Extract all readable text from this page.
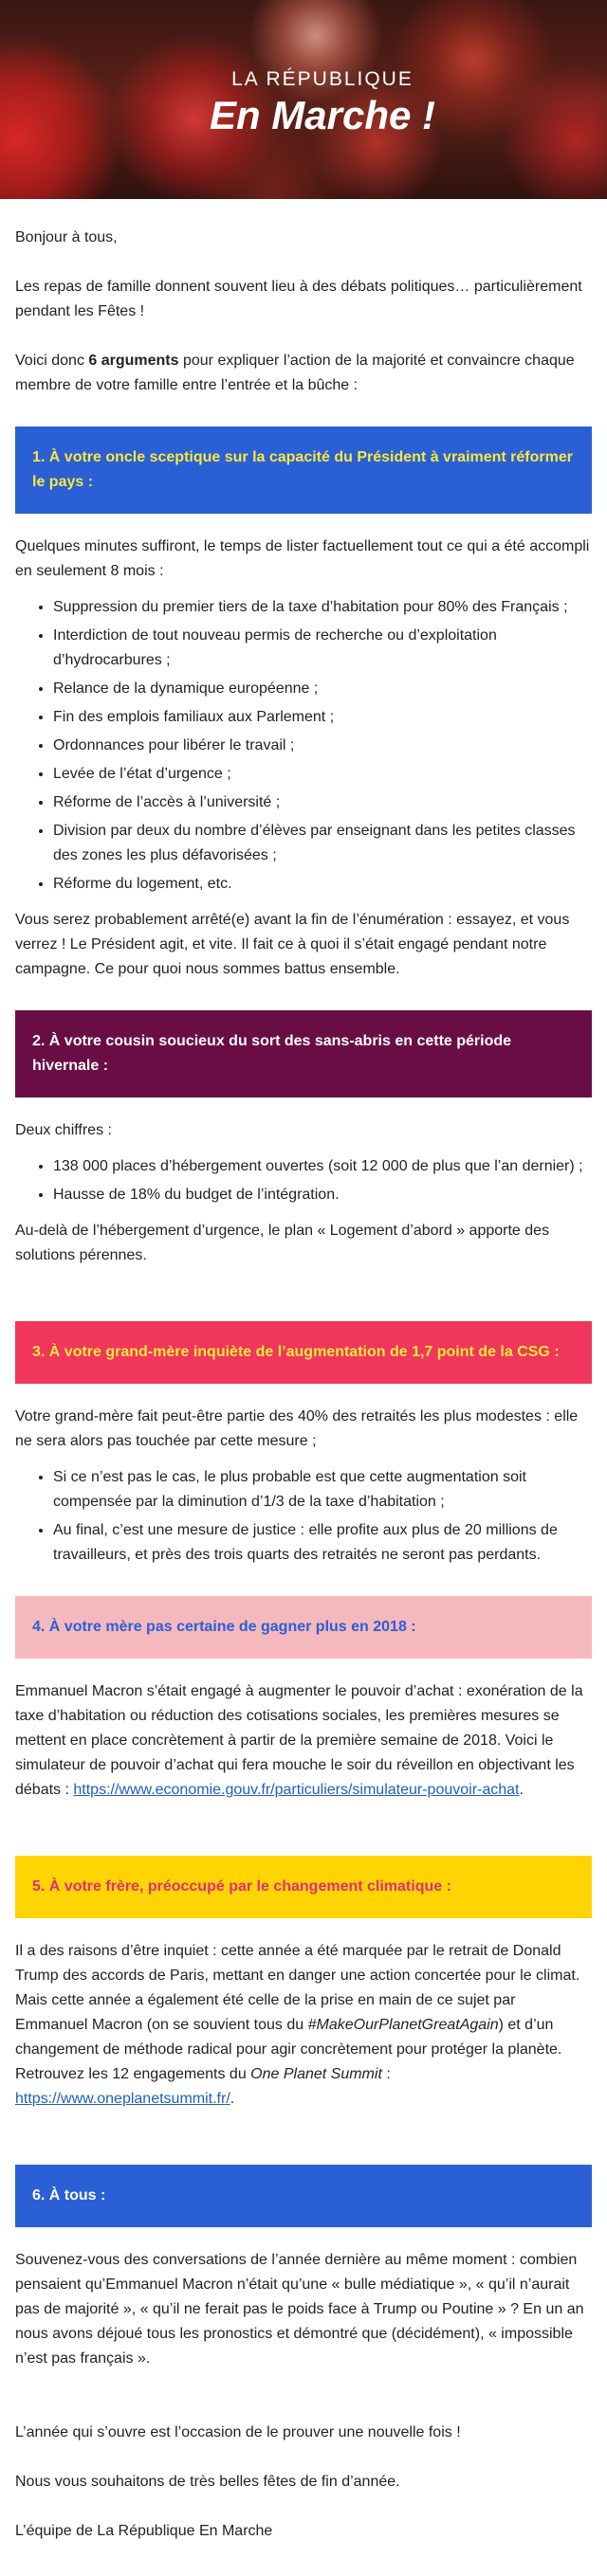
LA RÉPUBLIQUE
En Marche !

Bonjour à tous,

Les repas de famille donnent souvent lieu à des débats politiques… particulièrement pendant les Fêtes !

Voici donc 6 arguments pour expliquer l’action de la majorité et convaincre chaque membre de votre famille entre l’entrée et la bûche :

1. À votre oncle sceptique sur la capacité du Président à vraiment réformer le pays :

Quelques minutes suffiront, le temps de lister factuellement tout ce qui a été accompli en seulement 8 mois :

• Suppression du premier tiers de la taxe d’habitation pour 80% des Français ;
• Interdiction de tout nouveau permis de recherche ou d’exploitation d’hydrocarbures ;
• Relance de la dynamique européenne ;
• Fin des emplois familiaux aux Parlement ;
• Ordonnances pour libérer le travail ;
• Levée de l’état d’urgence ;
• Réforme de l’accès à l’université ;
• Division par deux du nombre d’élèves par enseignant dans les petites classes des zones les plus défavorisées ;
• Réforme du logement, etc.

Vous serez probablement arrêté(e) avant la fin de l’énumération : essayez, et vous verrez ! Le Président agit, et vite. Il fait ce à quoi il s’était engagé pendant notre campagne. Ce pour quoi nous sommes battus ensemble.

2. À votre cousin soucieux du sort des sans-abris en cette période hivernale :

Deux chiffres :

• 138 000 places d’hébergement ouvertes (soit 12 000 de plus que l’an dernier) ;
• Hausse de 18% du budget de l’intégration.

Au-delà de l’hébergement d’urgence, le plan « Logement d’abord » apporte des solutions pérennes.

3. À votre grand-mère inquiète de l’augmentation de 1,7 point de la CSG :

Votre grand-mère fait peut-être partie des 40% des retraités les plus modestes : elle ne sera alors pas touchée par cette mesure ;

• Si ce n’est pas le cas, le plus probable est que cette augmentation soit compensée par la diminution d’1/3 de la taxe d’habitation ;
• Au final, c’est une mesure de justice : elle profite aux plus de 20 millions de travailleurs, et près des trois quarts des retraités ne seront pas perdants.
4. À votre mère pas certaine de gagner plus en 2018 :

Emmanuel Macron s’était engagé à augmenter le pouvoir d’achat : exonération de la taxe d’habitation ou réduction des cotisations sociales, les premières mesures se mettent en place concrètement à partir de la première semaine de 2018. Voici le simulateur de pouvoir d’achat qui fera mouche le soir du réveillon en objectivant les débats : https://www.economie.gouv.fr/particuliers/simulateur-pouvoir-achat.

5. À votre frère, préoccupé par le changement climatique :

Il a des raisons d’être inquiet : cette année a été marquée par le retrait de Donald Trump des accords de Paris, mettant en danger une action concertée pour le climat. Mais cette année a également été celle de la prise en main de ce sujet par Emmanuel Macron (on se souvient tous du #MakeOurPlanetGreatAgain) et d’un changement de méthode radical pour agir concrètement pour protéger la planète. Retrouvez les 12 engagements du One Planet Summit : https://www.oneplanetsummit.fr/.

6. À tous :

Souvenez-vous des conversations de l’année dernière au même moment : combien pensaient qu’Emmanuel Macron n’était qu’une « bulle médiatique », « qu’il n’aurait pas de majorité », « qu’il ne ferait pas le poids face à Trump ou Poutine » ? En un an nous avons déjoué tous les pronostics et démontré que (décidément), « impossible n’est pas français ».

L’année qui s’ouvre est l’occasion de le prouver une nouvelle fois !

Nous vous souhaitons de très belles fêtes de fin d’année.

L’équipe de La République En Marche
